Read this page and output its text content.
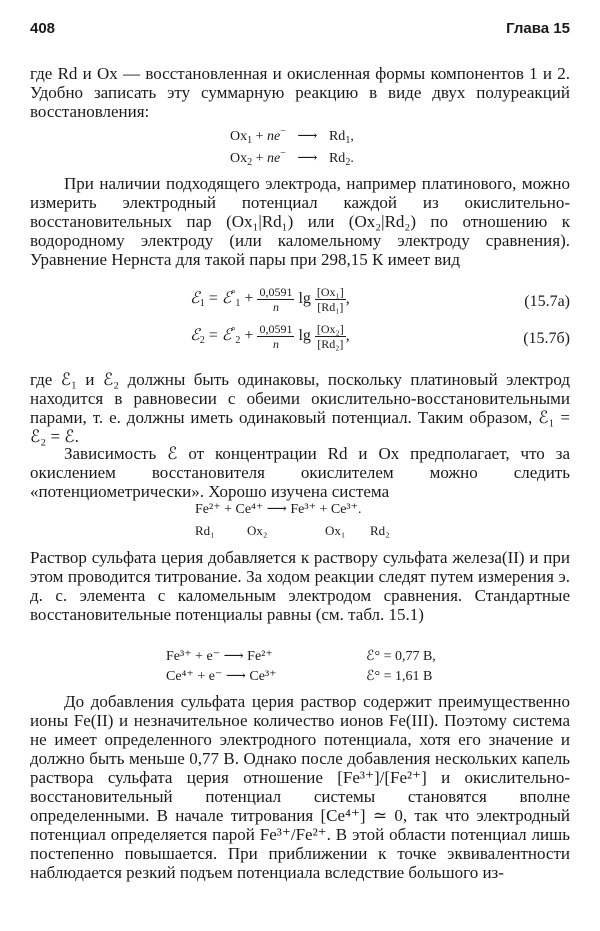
408	Глава 15

где Rd и Ox — восстановленная и окисленная формы компонентов 1 и 2. Удобно записать эту суммарную реакцию в виде двух полуреакций восстановления:

$Ox_1 + ne^-$ ⟶ $Rd_1$,
$Ox_2 + ne^-$ ⟶ $Rd_2$.

При наличии подходящего электрода, например платинового, можно измерить электродный потенциал каждой из окислительно-восстановительных пар (Ox₁|Rd₁) или (Ox₂|Rd₂) по отношению к водородному электроду (или каломельному электроду сравнения). Уравнение Нернста для такой пары при 298,15 К имеет вид

ℰ$_1$ = ℰ°$_1$ + $\frac{0,0591}{n}$ $\lg \frac{\text{[Ox₁]}}{\text{[Rd₁]}}$ ,	(15.7а)
ℰ$_2$ = ℰ°$_2$ + $\frac{0,0591}{n}$ $\lg \frac{\text{[Ox₂]}}{\text{[Rd₂]}}$ ,	(15.7б)

где ℰ₁ и ℰ₂ должны быть одинаковы, поскольку платиновый электрод находится в равновесии с обеими окислительно-восстановительными парами, т. е. должны иметь одинаковый потенциал. Таким образом, ℰ₁ = ℰ₂ = ℰ.

Зависимость ℰ от концентрации Rd и Ox предполагает, что за окислением восстановителя окислителем можно следить «потенциометрически». Хорошо изучена система

Fe²⁺ + Ce⁴⁺ ⟶ Fe³⁺ + Ce³⁺.
Rd₁ Ox₂	Ox₁ Rd₂

Раствор сульфата церия добавляется к раствору сульфата железа(II) и при этом проводится титрование. За ходом реакции следят путем измерения э. д. с. элемента с каломельным электродом сравнения. Стандартные восстановительные потенциалы равны (см. табл. 15.1)

Fe³⁺ + e⁻ ⟶ Fe²⁺	ℰ° = 0,77 В,
Ce⁴⁺ + e⁻ ⟶ Ce³⁺	ℰ° = 1,61 В

До добавления сульфата церия раствор содержит преимущественно ионы Fe(II) и незначительное количество ионов Fe(III). Поэтому система не имеет определенного электродного потенциала, хотя его значение и должно быть меньше 0,77 В. Однако после добавления нескольких капель раствора сульфата церия отношение [Fe³⁺]/[Fe²⁺] и окислительно-восстановительный потенциал системы становятся вполне определенными. В начале титрования [Ce⁴⁺] ≃ 0, так что электродный потенциал определяется парой Fe³⁺/Fe²⁺. В этой области потенциал лишь постепенно повышается. При приближении к точке эквивалентности наблюдается резкий подъем потенциала вследствие большого из-
